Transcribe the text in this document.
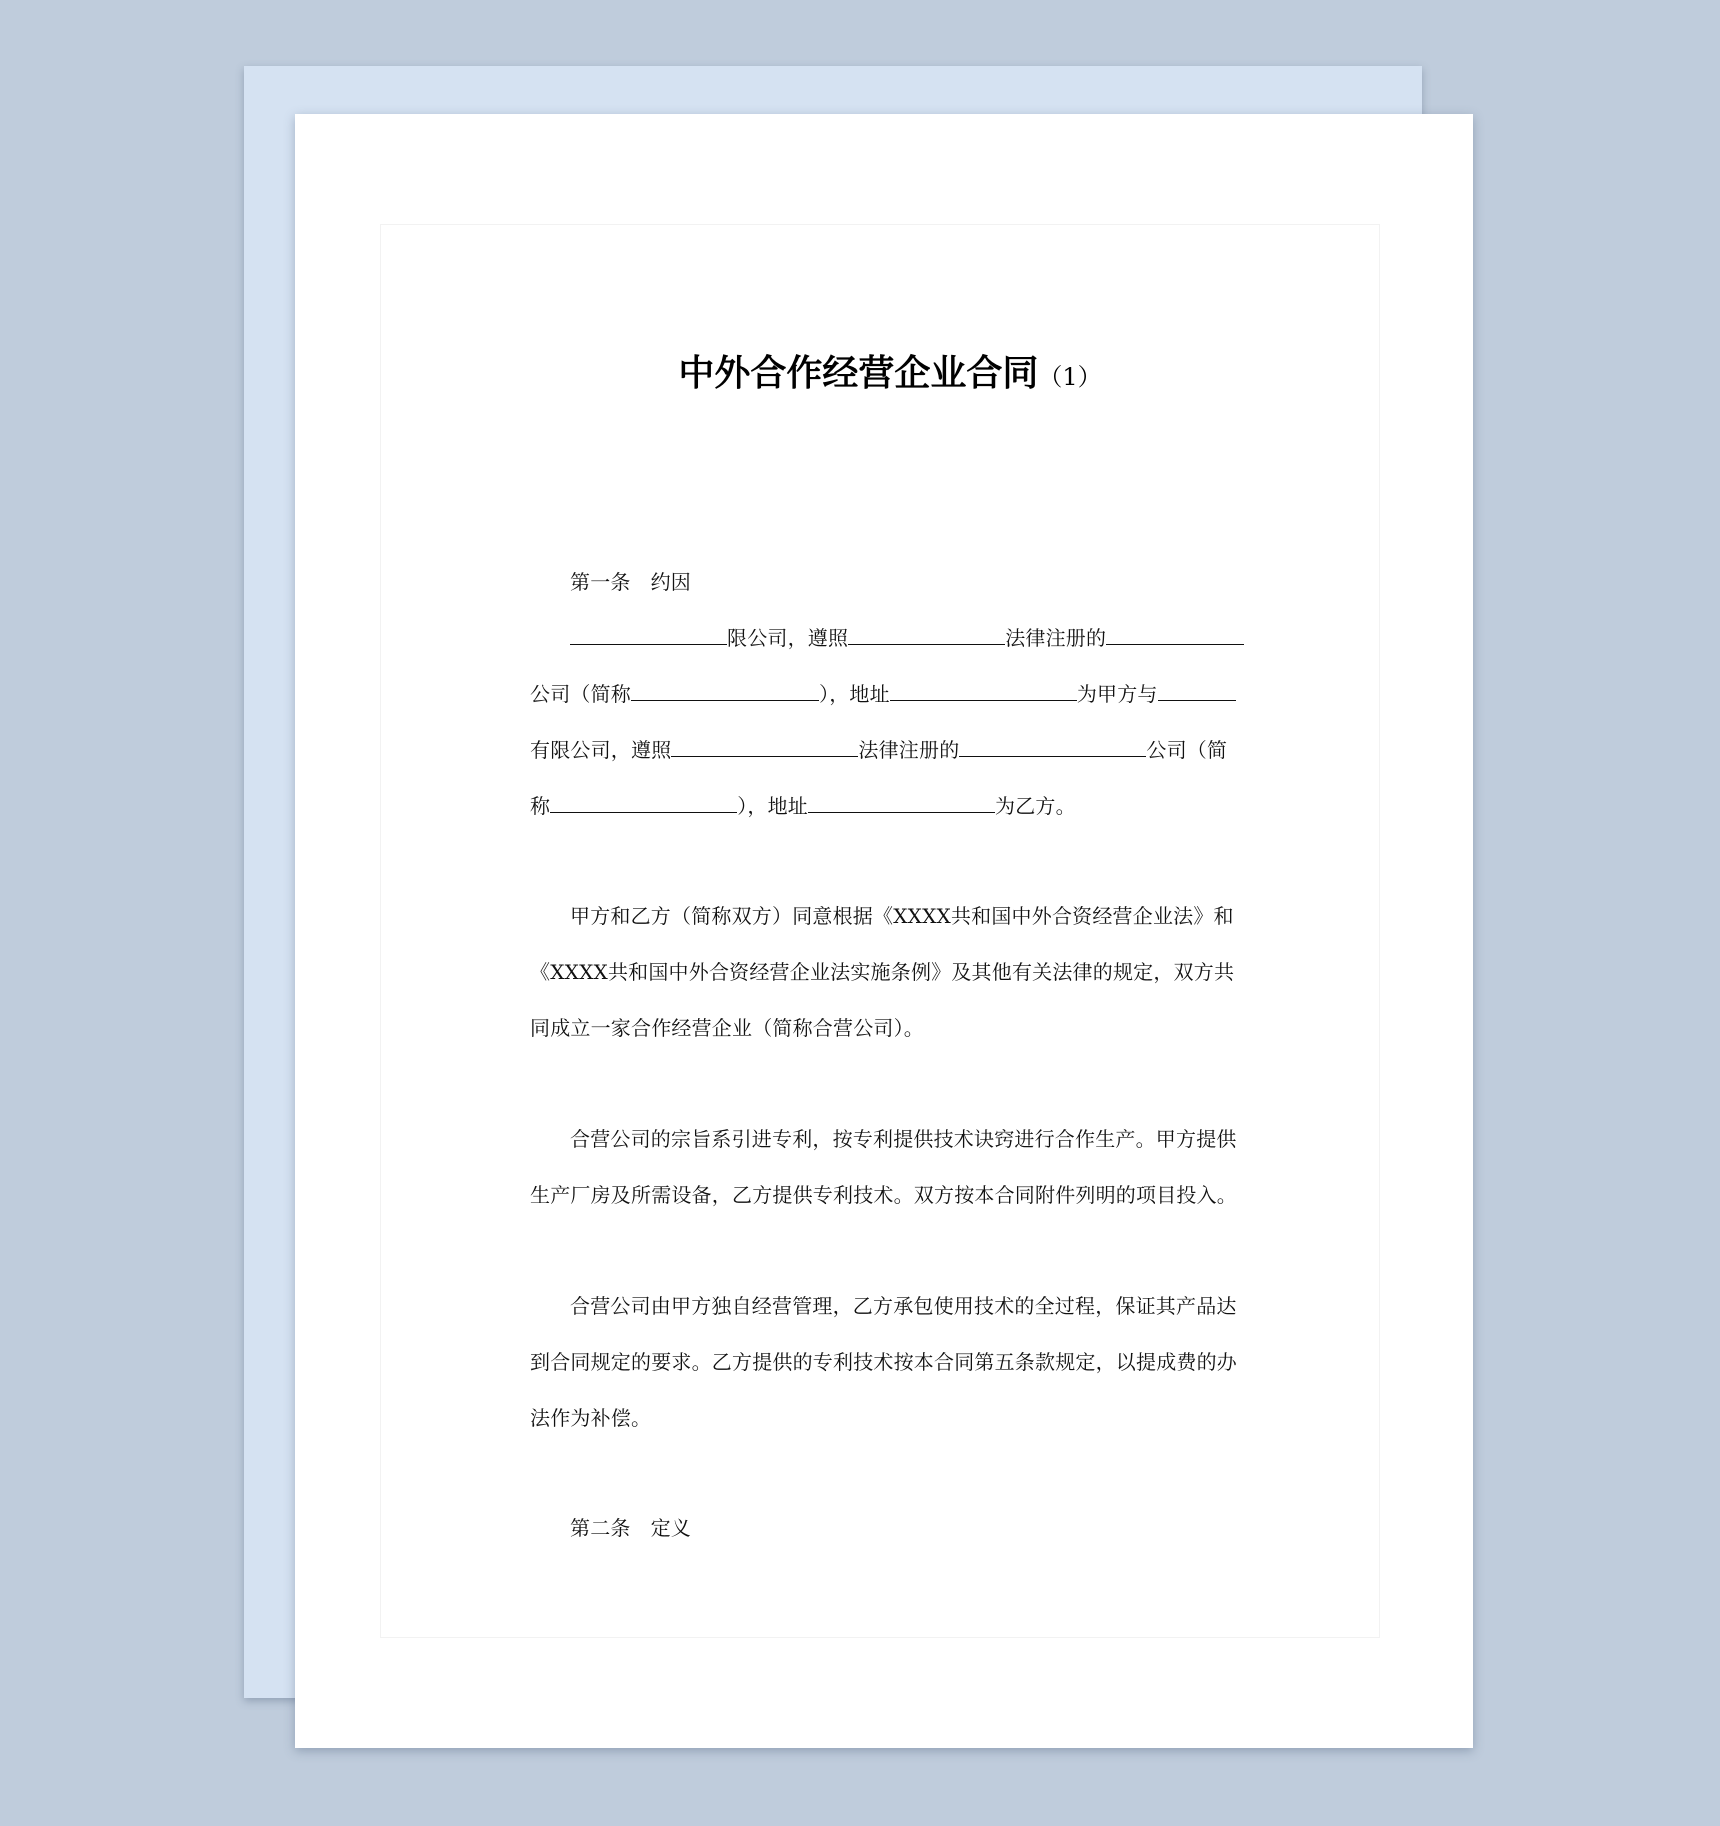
中外合作经营企业合同（1）

第一条 约因

限公司，遵照	法律注册的
公司（简称	），地址	为甲方与
有限公司，遵照	法律注册的	公司（简
称	），地址	为乙方。

甲方和乙方（简称双方）同意根据《XXXX共和国中外合资经营企业法》和《XXXX共和国中外合资经营企业法实施条例》及其他有关法律的规定，双方共同成立一家合作经营企业（简称合营公司）。

合营公司的宗旨系引进专利，按专利提供技术诀窍进行合作生产。甲方提供生产厂房及所需设备，乙方提供专利技术。双方按本合同附件列明的项目投入。

合营公司由甲方独自经营管理，乙方承包使用技术的全过程，保证其产品达到合同规定的要求。乙方提供的专利技术按本合同第五条款规定，以提成费的办法作为补偿。

第二条 定义
